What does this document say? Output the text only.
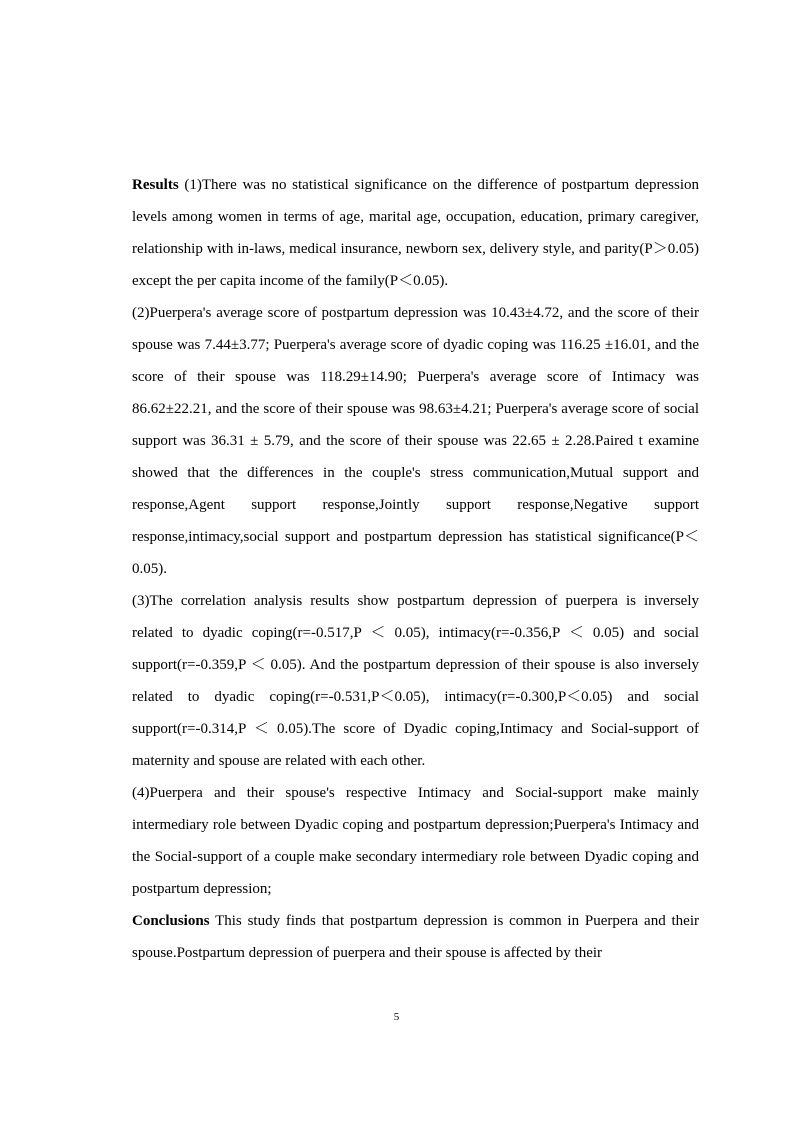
Results (1)There was no statistical significance on the difference of postpartum depression levels among women in terms of age, marital age, occupation, education, primary caregiver, relationship with in-laws, medical insurance, newborn sex, delivery style, and parity(P＞0.05) except the per capita income of the family(P＜0.05).

(2)Puerpera's average score of postpartum depression was 10.43±4.72, and the score of their spouse was 7.44±3.77; Puerpera's average score of dyadic coping was 116.25 ±16.01, and the score of their spouse was 118.29±14.90; Puerpera's average score of Intimacy was 86.62±22.21, and the score of their spouse was 98.63±4.21; Puerpera's average score of social support was 36.31 ± 5.79, and the score of their spouse was 22.65 ± 2.28.Paired t examine showed that the differences in the couple's stress communication,Mutual support and response,Agent support response,Jointly support response,Negative support response,intimacy,social support and postpartum depression has statistical significance(P＜0.05).

(3)The correlation analysis results show postpartum depression of puerpera is inversely related to dyadic coping(r=-0.517,P ＜ 0.05), intimacy(r=-0.356,P ＜ 0.05) and social support(r=-0.359,P ＜ 0.05). And the postpartum depression of their spouse is also inversely related to dyadic coping(r=-0.531,P＜0.05), intimacy(r=-0.300,P＜0.05) and social support(r=-0.314,P ＜ 0.05).The score of Dyadic coping,Intimacy and Social-support of maternity and spouse are related with each other.

(4)Puerpera and their spouse's respective Intimacy and Social-support make mainly intermediary role between Dyadic coping and postpartum depression;Puerpera's Intimacy and the Social-support of a couple make secondary intermediary role between Dyadic coping and postpartum depression;

Conclusions This study finds that postpartum depression is common in Puerpera and their spouse.Postpartum depression of puerpera and their spouse is affected by their

5
